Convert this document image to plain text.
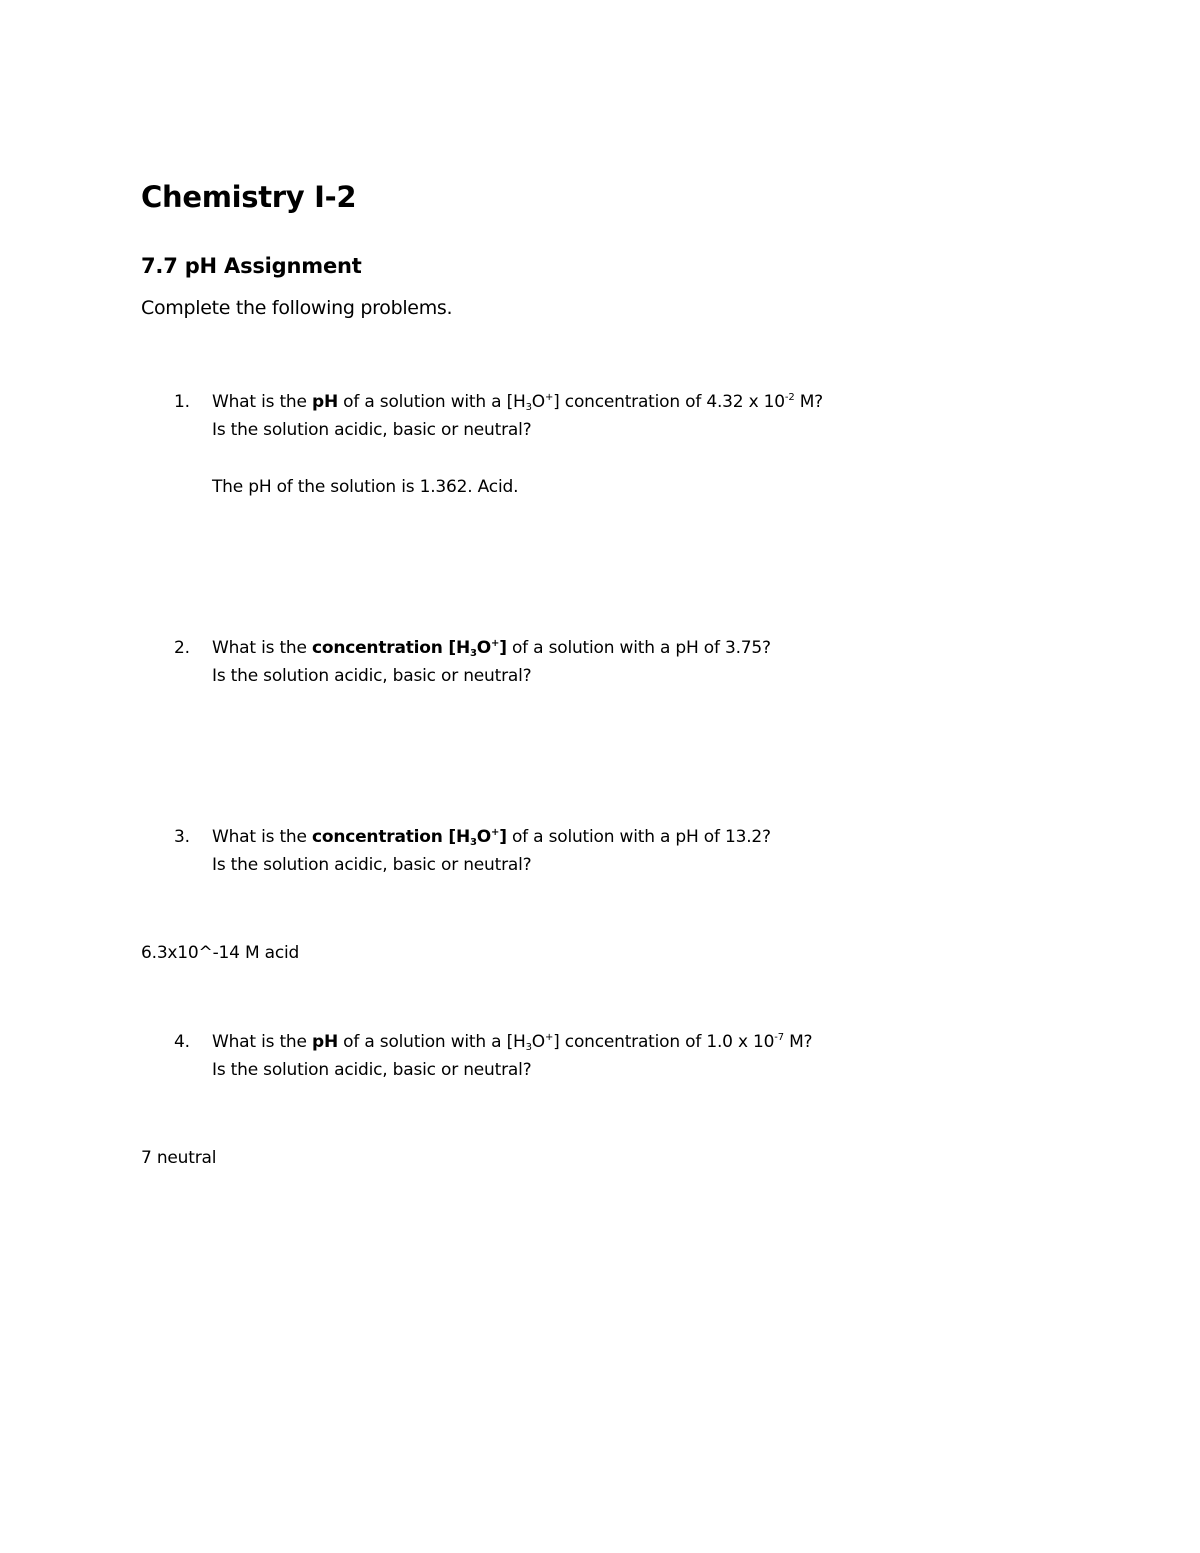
Chemistry I-2
7.7 pH Assignment
Complete the following problems.
1. What is the pH of a solution with a $[H_3O^+]$ concentration of 4.32 x $10^{-2}$ M?
Is the solution acidic, basic or neutral?
The pH of the solution is 1.362. Acid.
2. What is the concentration $[H_3O^+]$ of a solution with a pH of 3.75?
Is the solution acidic, basic or neutral?
3. What is the concentration $[H_3O^+]$ of a solution with a pH of 13.2?
Is the solution acidic, basic or neutral?
6.3x10^-14 M acid
4. What is the pH of a solution with a $[H_3O^+]$ concentration of 1.0 x $10^{-7}$ M?
Is the solution acidic, basic or neutral?
7 neutral
